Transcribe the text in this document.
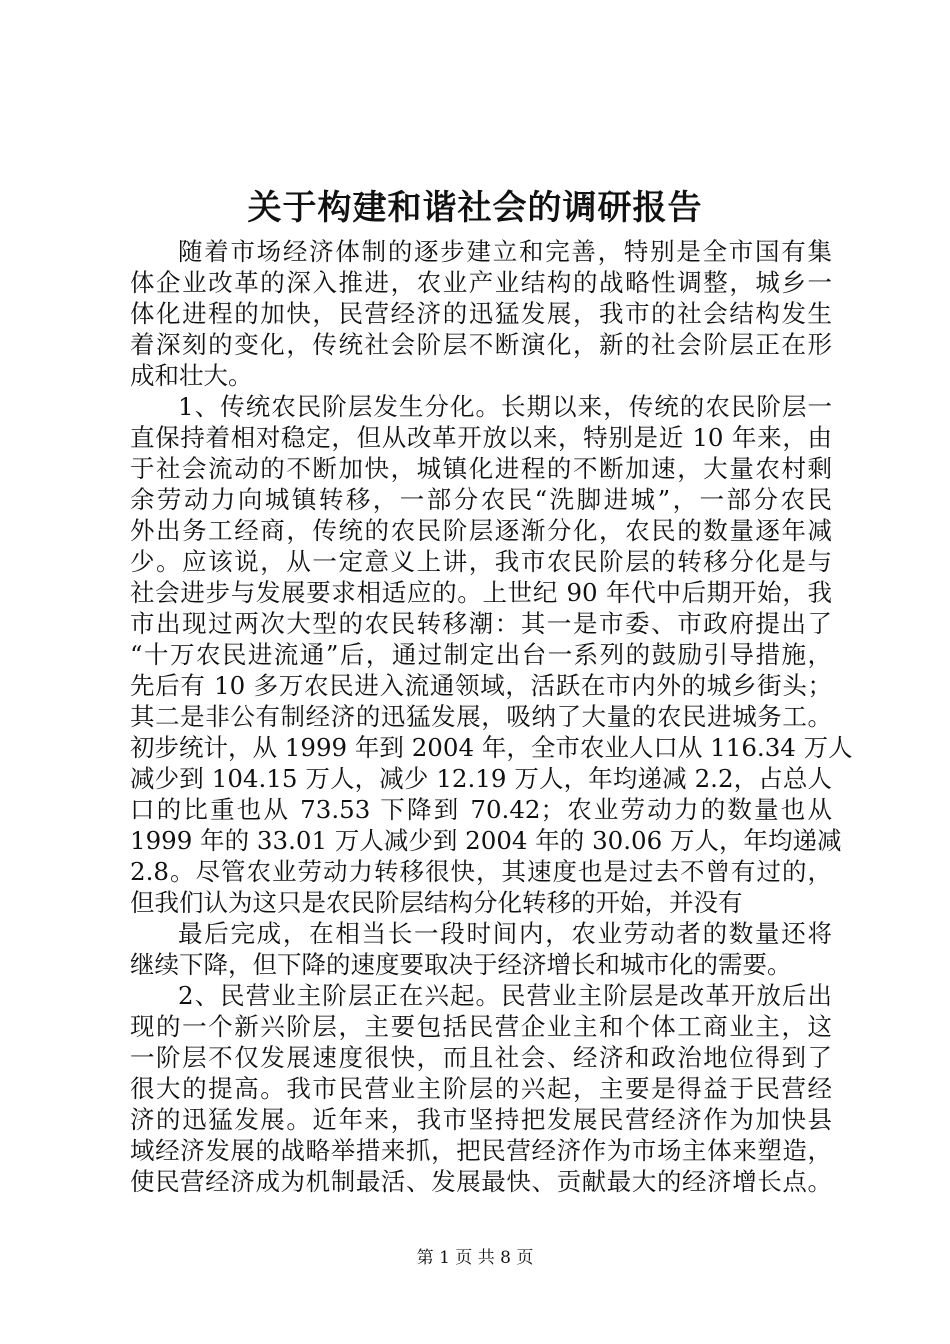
关于构建和谐社会的调研报告
随着市场经济体制的逐步建立和完善，特别是全市国有集
体企业改革的深入推进，农业产业结构的战略性调整，城乡一
体化进程的加快，民营经济的迅猛发展，我市的社会结构发生
着深刻的变化，传统社会阶层不断演化，新的社会阶层正在形
成和壮大。
1、传统农民阶层发生分化。长期以来，传统的农民阶层一
直保持着相对稳定，但从改革开放以来，特别是近 10 年来，由
于社会流动的不断加快，城镇化进程的不断加速，大量农村剩
余劳动力向城镇转移，一部分农民“洗脚进城”，一部分农民
外出务工经商，传统的农民阶层逐渐分化，农民的数量逐年减
少。应该说，从一定意义上讲，我市农民阶层的转移分化是与
社会进步与发展要求相适应的。上世纪 90 年代中后期开始，我
市出现过两次大型的农民转移潮：其一是市委、市政府提出了
“十万农民进流通”后，通过制定出台一系列的鼓励引导措施，
先后有 10 多万农民进入流通领域，活跃在市内外的城乡街头；
其二是非公有制经济的迅猛发展，吸纳了大量的农民进城务工。
初步统计，从 1999 年到 2004 年，全市农业人口从 116.34 万人
减少到 104.15 万人，减少 12.19 万人，年均递减 2.2，占总人
口的比重也从 73.53 下降到 70.42；农业劳动力的数量也从
1999 年的 33.01 万人减少到 2004 年的 30.06 万人，年均递减
2.8。尽管农业劳动力转移很快，其速度也是过去不曾有过的，
但我们认为这只是农民阶层结构分化转移的开始，并没有
最后完成，在相当长一段时间内，农业劳动者的数量还将
继续下降，但下降的速度要取决于经济增长和城市化的需要。
2、民营业主阶层正在兴起。民营业主阶层是改革开放后出
现的一个新兴阶层，主要包括民营企业主和个体工商业主，这
一阶层不仅发展速度很快，而且社会、经济和政治地位得到了
很大的提高。我市民营业主阶层的兴起，主要是得益于民营经
济的迅猛发展。近年来，我市坚持把发展民营经济作为加快县
域经济发展的战略举措来抓，把民营经济作为市场主体来塑造，
使民营经济成为机制最活、发展最快、贡献最大的经济增长点。
第 1 页 共 8 页
